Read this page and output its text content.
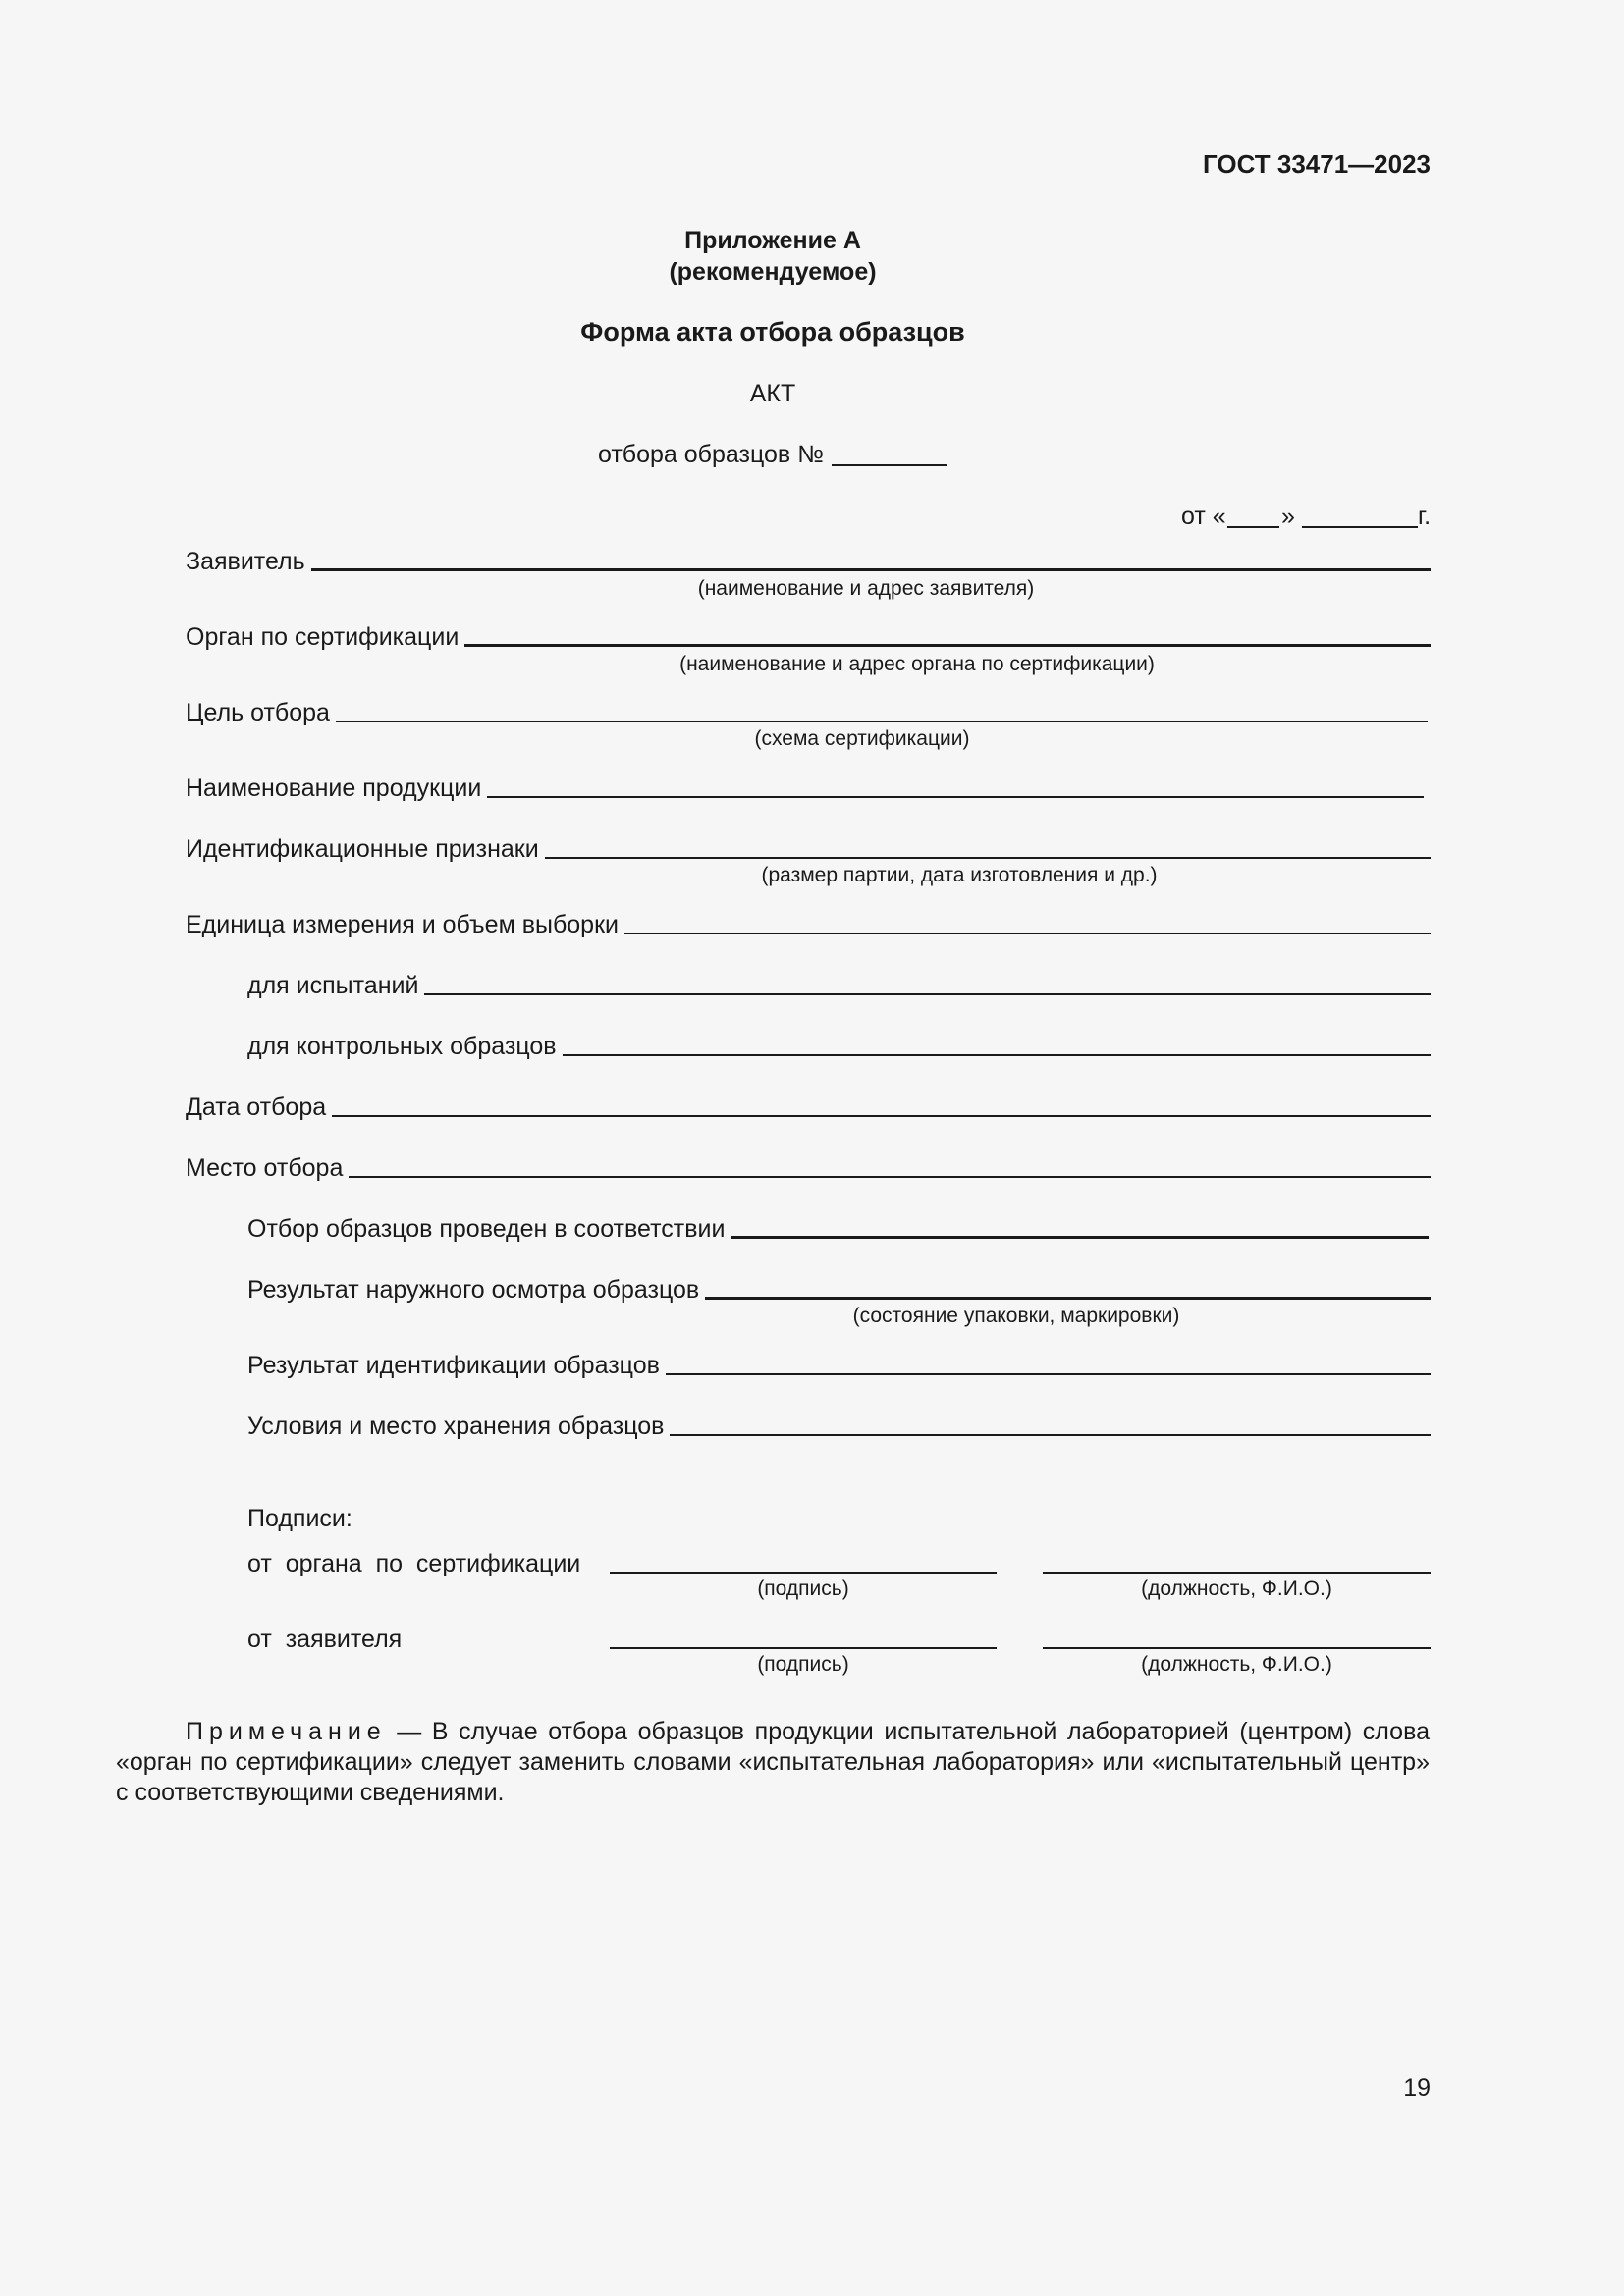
ГОСТ 33471—2023
Приложение А
(рекомендуемое)
Форма акта отбора образцов
АКТ
отбора образцов №
от « »	г.
Заявитель
(наименование и адрес заявителя)
Орган по сертификации
(наименование и адрес органа по сертификации)
Цель отбора
(схема сертификации)
Наименование продукции
Идентификационные признаки
(размер партии, дата изготовления и др.)
Единица измерения и объем выборки
для испытаний
для контрольных образцов
Дата отбора
Место отбора
Отбор образцов проведен в соответствии
Результат наружного осмотра образцов
(состояние упаковки, маркировки)
Результат идентификации образцов
Условия и место хранения образцов
Подписи:
от  органа  по  сертификации
(подпись)	(должность, Ф.И.О.)
от  заявителя
(подпись)	(должность, Ф.И.О.)
Примечание — В случае отбора образцов продукции испытательной лабораторией (центром) слова «орган по сертификации» следует заменить словами «испытательная лаборатория» или «испытательный центр» с соответствующими сведениями.
19
